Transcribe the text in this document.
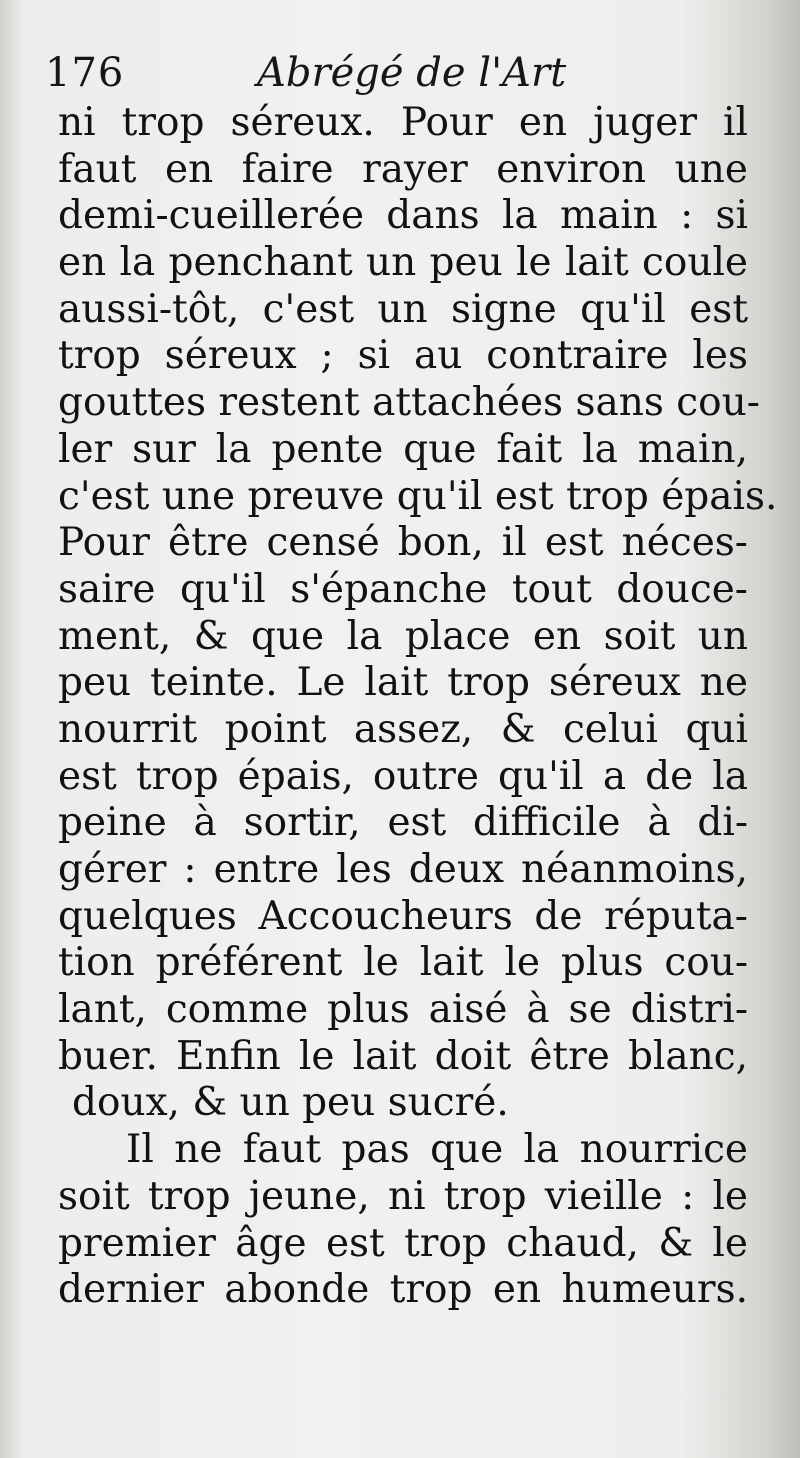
176	Abrégé de l'Art
ni trop séreux. Pour en juger il
faut en faire rayer environ une
demi-cueillerée dans la main : si
en la penchant un peu le lait coule
aussi-tôt, c'est un signe qu'il est
trop séreux ; si au contraire les
gouttes restent attachées sans cou-
ler sur la pente que fait la main,
c'est une preuve qu'il est trop épais.
Pour être censé bon, il est néces-
saire qu'il s'épanche tout douce-
ment, & que la place en soit un
peu teinte. Le lait trop séreux ne
nourrit point assez, & celui qui
est trop épais, outre qu'il a de la
peine à sortir, est difficile à di-
gérer : entre les deux néanmoins,
quelques Accoucheurs de réputa-
tion préférent le lait le plus cou-
lant, comme plus aisé à se distri-
buer. Enfin le lait doit être blanc,
doux, & un peu sucré.
Il ne faut pas que la nourrice
soit trop jeune, ni trop vieille : le
premier âge est trop chaud, & le
dernier abonde trop en humeurs.
